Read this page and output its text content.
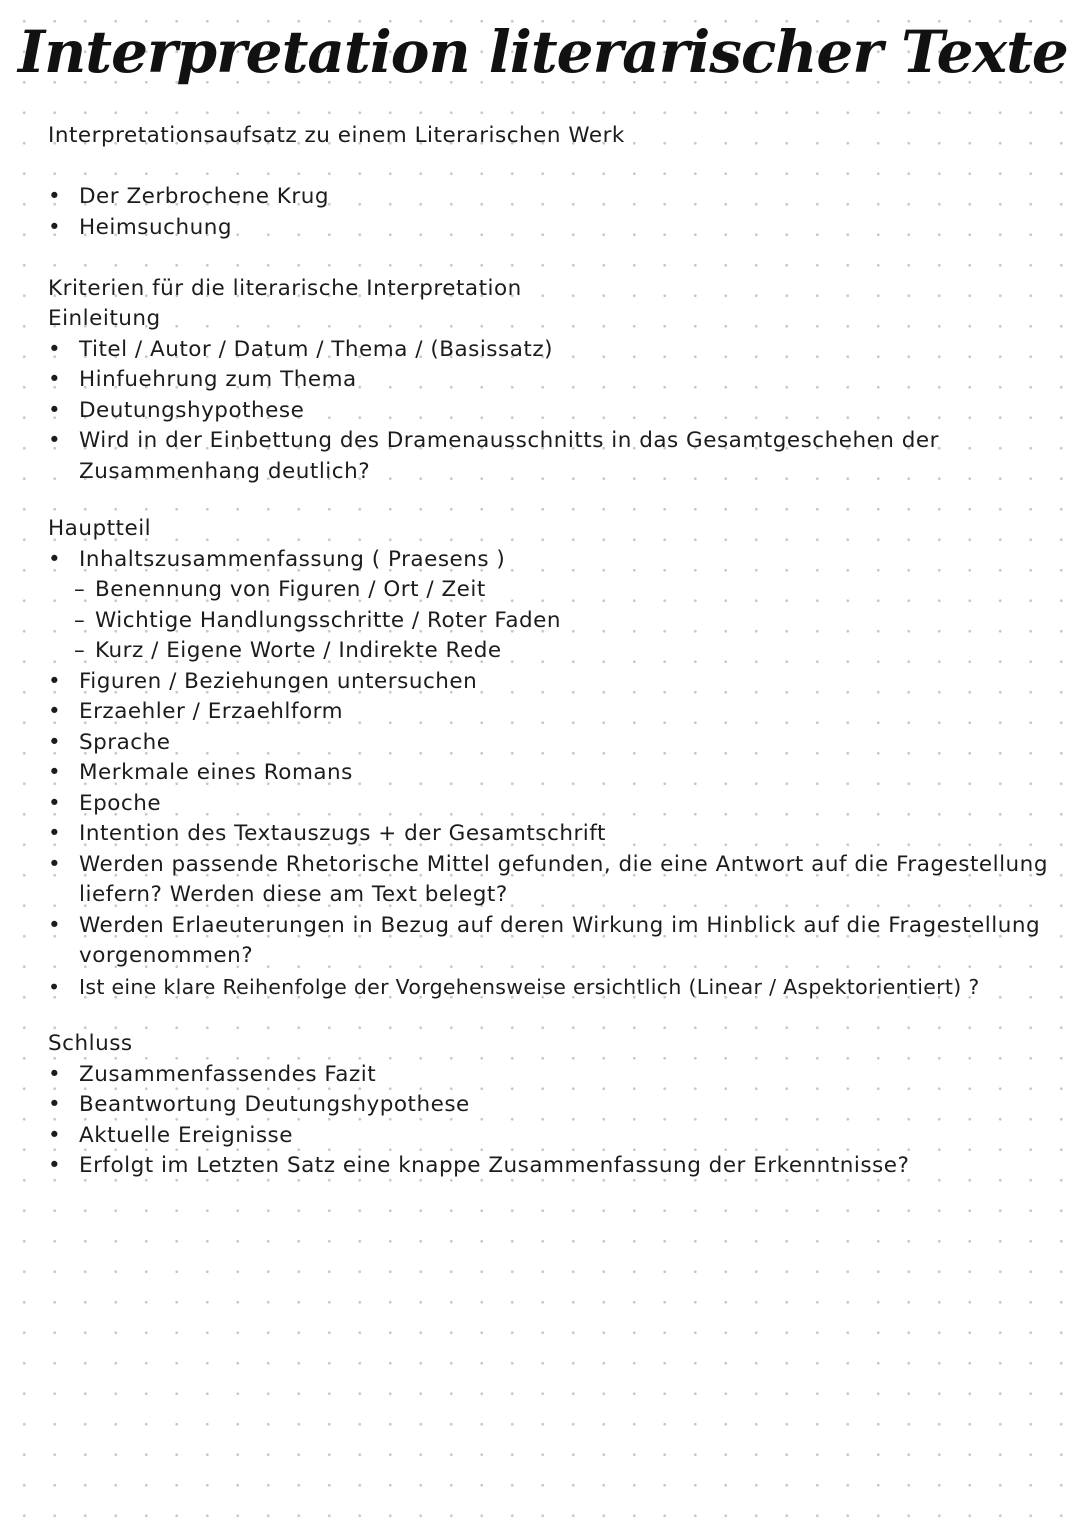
Interpretation literarischer Texte

Interpretationsaufsatz zu einem Literarischen Werk

• Der Zerbrochene Krug
• Heimsuchung

Kriterien für die literarische Interpretation

Einleitung

• Titel / Autor / Datum / Thema / (Basissatz)
• Hinfuehrung zum Thema
• Deutungshypothese
• Wird in der Einbettung des Dramenausschnitts in das Gesamtgeschehen der Zusammenhang deutlich?

Hauptteil

• Inhaltszusammenfassung ( Praesens )
– Benennung von Figuren / Ort / Zeit
– Wichtige Handlungsschritte / Roter Faden
– Kurz / Eigene Worte / Indirekte Rede
• Figuren / Beziehungen untersuchen
• Erzaehler / Erzaehlform
• Sprache
• Merkmale eines Romans
• Epoche
• Intention des Textauszugs + der Gesamtschrift
• Werden passende Rhetorische Mittel gefunden, die eine Antwort auf die Fragestellung liefern? Werden diese am Text belegt?
• Werden Erlaeuterungen in Bezug auf deren Wirkung im Hinblick auf die Fragestellung vorgenommen?
• Ist eine klare Reihenfolge der Vorgehensweise ersichtlich (Linear / Aspektorientiert) ?

Schluss

• Zusammenfassendes Fazit
• Beantwortung Deutungshypothese
• Aktuelle Ereignisse
• Erfolgt im Letzten Satz eine knappe Zusammenfassung der Erkenntnisse?
